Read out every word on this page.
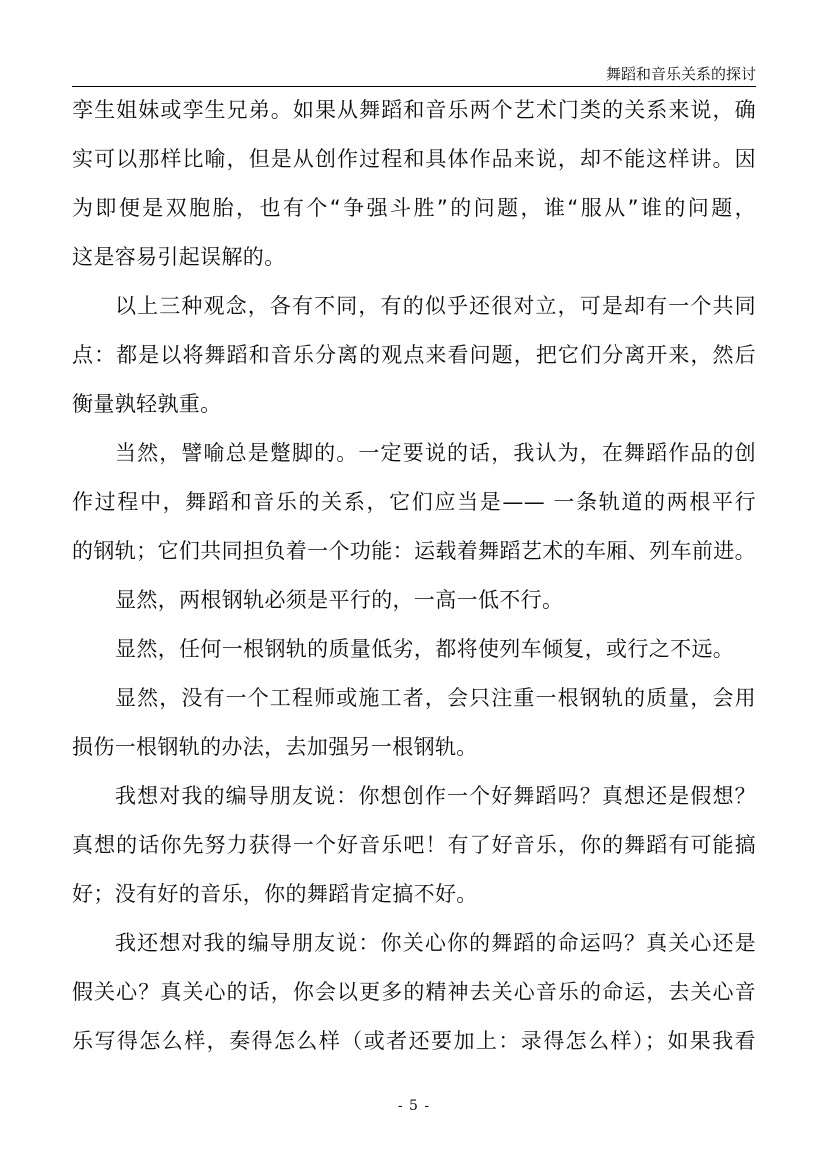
舞蹈和音乐关系的探讨
孪生姐妹或孪生兄弟。如果从舞蹈和音乐两个艺术门类的关系来说，确
实可以那样比喻，但是从创作过程和具体作品来说，却不能这样讲。因
为即便是双胞胎，也有个“争强斗胜”的问题，谁“服从”谁的问题，
这是容易引起误解的。
以上三种观念，各有不同，有的似乎还很对立，可是却有一个共同
点：都是以将舞蹈和音乐分离的观点来看问题，把它们分离开来，然后
衡量孰轻孰重。
当然，譬喻总是蹩脚的。一定要说的话，我认为，在舞蹈作品的创
作过程中，舞蹈和音乐的关系，它们应当是—— 一条轨道的两根平行
的钢轨；它们共同担负着一个功能：运载着舞蹈艺术的车厢、列车前进。
显然，两根钢轨必须是平行的，一高一低不行。
显然，任何一根钢轨的质量低劣，都将使列车倾复，或行之不远。
显然，没有一个工程师或施工者，会只注重一根钢轨的质量，会用
损伤一根钢轨的办法，去加强另一根钢轨。
我想对我的编导朋友说：你想创作一个好舞蹈吗？真想还是假想？
真想的话你先努力获得一个好音乐吧！有了好音乐，你的舞蹈有可能搞
好；没有好的音乐，你的舞蹈肯定搞不好。
我还想对我的编导朋友说：你关心你的舞蹈的命运吗？真关心还是
假关心？真关心的话，你会以更多的精神去关心音乐的命运，去关心音
乐写得怎么样，奏得怎么样（或者还要加上：录得怎么样）；如果我看
- 5 -
